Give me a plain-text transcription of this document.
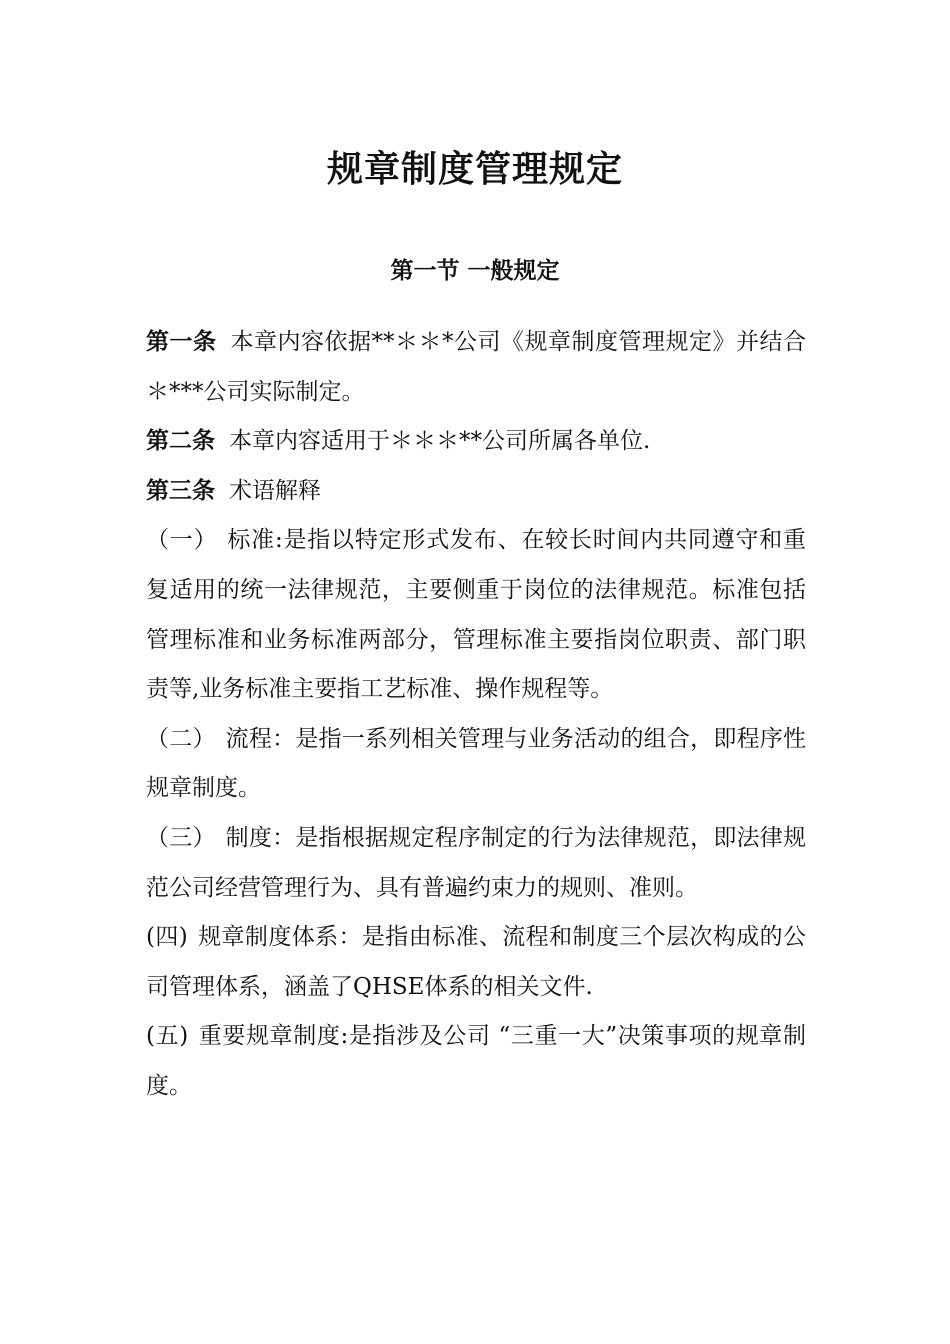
规章制度管理规定
第一节 一般规定

第一条 本章内容依据**＊＊*公司《规章制度管理规定》并结合＊***公司实际制定。

第二条 本章内容适用于＊＊＊**公司所属各单位.

第三条 术语解释

（一） 标准:是指以特定形式发布、在较长时间内共同遵守和重复适用的统一法律规范，主要侧重于岗位的法律规范。标准包括管理标准和业务标准两部分，管理标准主要指岗位职责、部门职责等,业务标准主要指工艺标准、操作规程等。

（二） 流程：是指一系列相关管理与业务活动的组合，即程序性规章制度。

（三） 制度：是指根据规定程序制定的行为法律规范，即法律规范公司经营管理行为、具有普遍约束力的规则、准则。

(四) 规章制度体系：是指由标准、流程和制度三个层次构成的公司管理体系，涵盖了QHSE体系的相关文件.

(五) 重要规章制度:是指涉及公司 “三重一大”决策事项的规章制度。
